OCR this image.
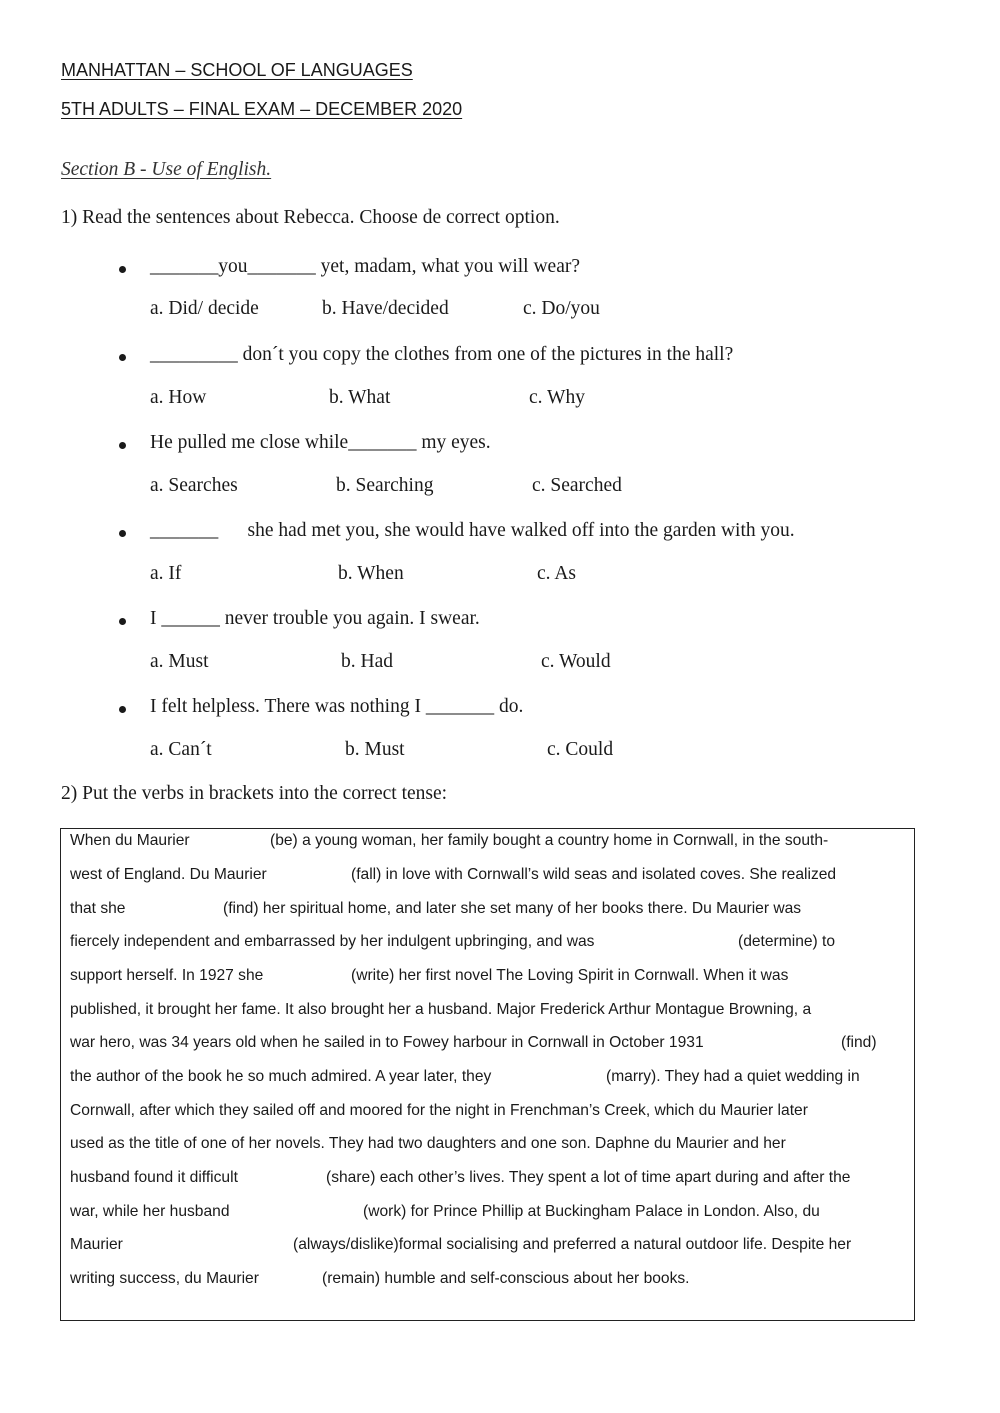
MANHATTAN – SCHOOL OF LANGUAGES
5TH ADULTS – FINAL EXAM – DECEMBER 2020
Section B - Use of English.
1) Read the sentences about Rebecca. Choose de correct option.
_______you_______ yet, madam, what you will wear?
a. Did/ decide	b. Have/decided	c. Do/you
_________ don´t you copy the clothes from one of the pictures in the hall?
a. How	b. What	c. Why
He pulled me close while_______ my eyes.
a. Searches	b. Searching	c. Searched
_______      she had met you, she would have walked off into the garden with you.
a. If	b. When	c. As
I ______ never trouble you again. I swear.
a. Must	b. Had	c. Would
I felt helpless. There was nothing I _______ do.
a. Can´t	b. Must	c. Could
2) Put the verbs in brackets into the correct tense:
When du Maurier	(be) a young woman, her family bought a country home in Cornwall, in the south-
west of England. Du Maurier	(fall) in love with Cornwall’s wild seas and isolated coves. She realized
that she	(find) her spiritual home, and later she set many of her books there. Du Maurier was
fiercely independent and embarrassed by her indulgent upbringing, and was	(determine) to
support herself. In 1927 she	(write) her first novel The Loving Spirit in Cornwall. When it was
published, it brought her fame. It also brought her a husband. Major Frederick Arthur Montague Browning, a
war hero, was 34 years old when he sailed in to Fowey harbour in Cornwall in October 1931	(find)
the author of the book he so much admired. A year later, they	(marry). They had a quiet wedding in
Cornwall, after which they sailed off and moored for the night in Frenchman’s Creek, which du Maurier later
used as the title of one of her novels. They had two daughters and one son. Daphne du Maurier and her
husband found it difficult	(share) each other’s lives. They spent a lot of time apart during and after the
war, while her husband	(work) for Prince Phillip at Buckingham Palace in London. Also, du
Maurier	(always/dislike)formal socialising and preferred a natural outdoor life. Despite her
writing success, du Maurier	(remain) humble and self-conscious about her books.
